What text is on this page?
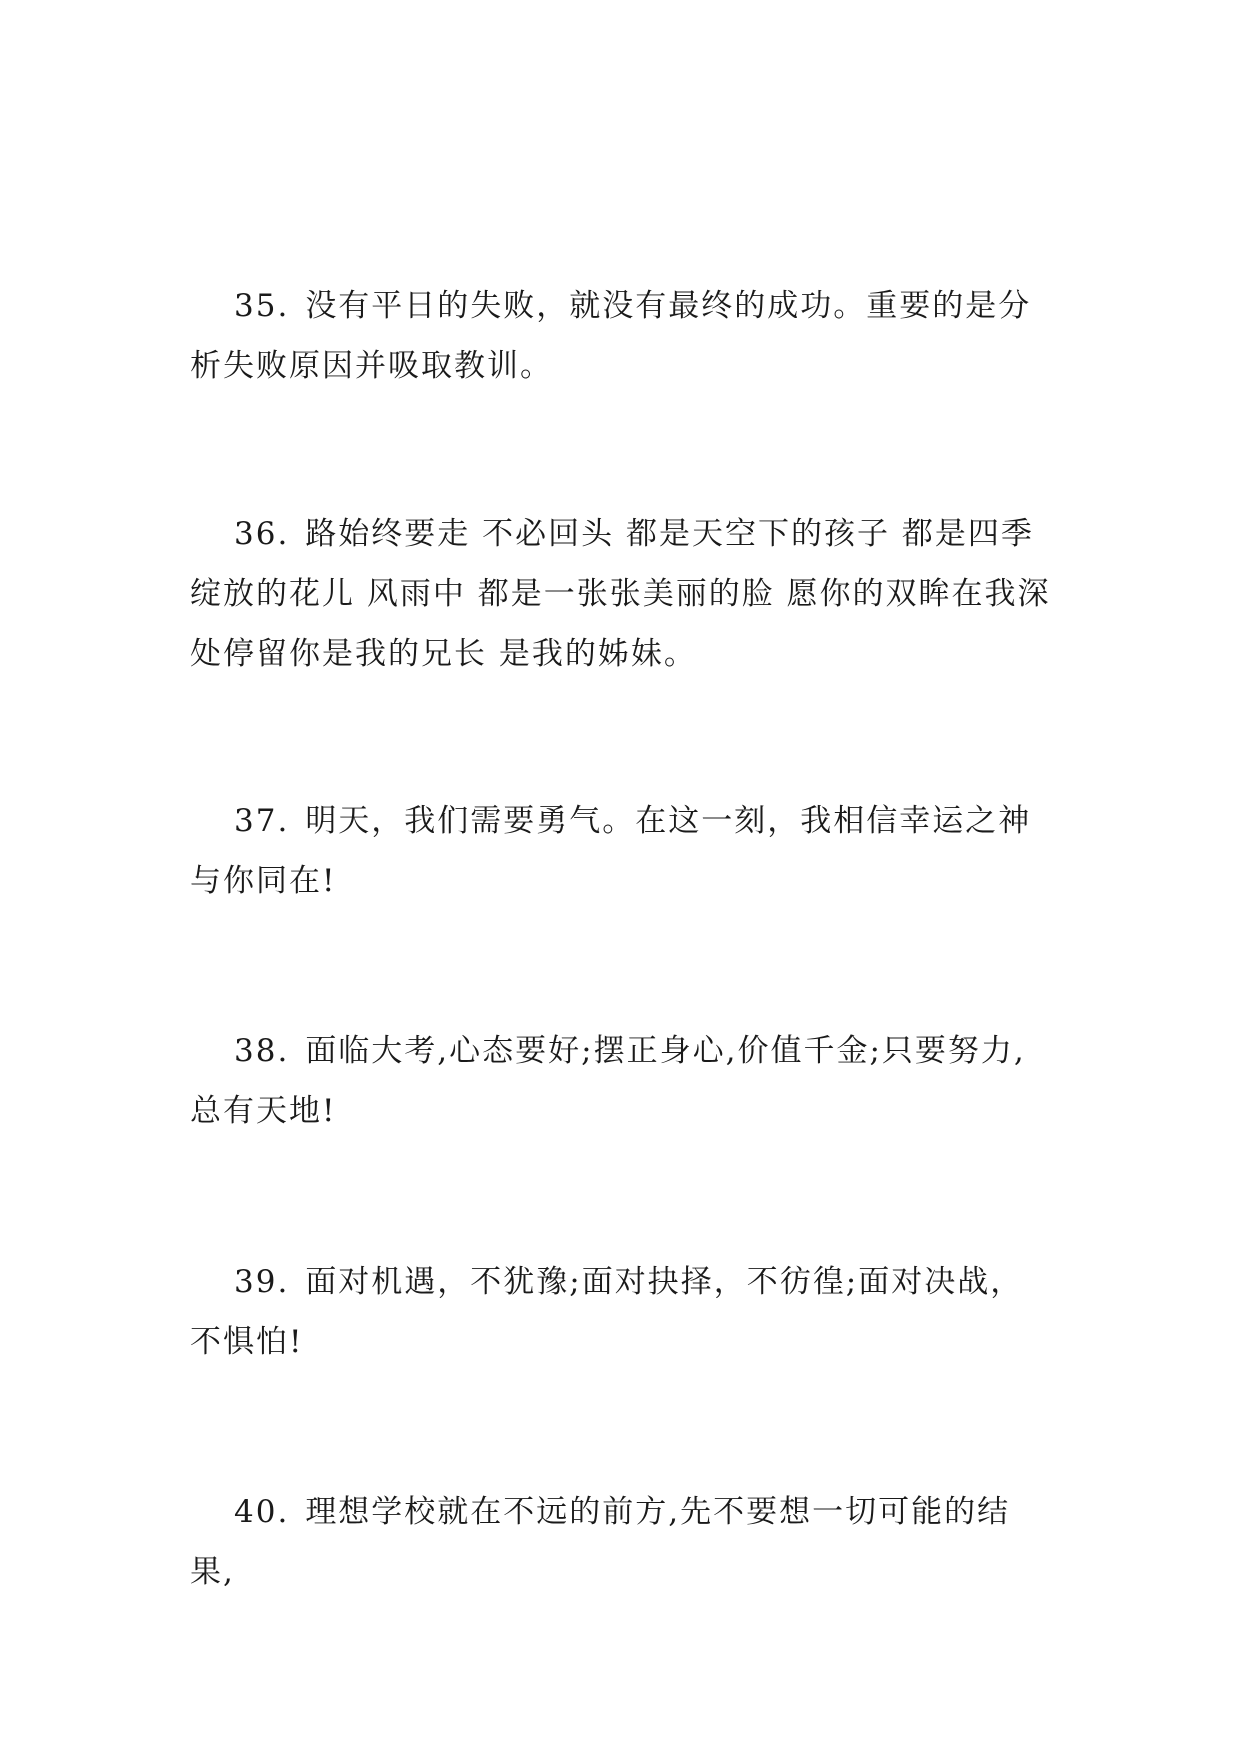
35. 没有平日的失败，就没有最终的成功。重要的是分析失败原因并吸取教训。

36. 路始终要走 不必回头 都是天空下的孩子 都是四季绽放的花儿 风雨中 都是一张张美丽的脸 愿你的双眸在我深处停留你是我的兄长 是我的姊妹。

37. 明天，我们需要勇气。在这一刻，我相信幸运之神与你同在!

38. 面临大考,心态要好;摆正身心,价值千金;只要努力,总有天地!

39. 面对机遇，不犹豫;面对抉择，不彷徨;面对决战，不惧怕!

40. 理想学校就在不远的前方,先不要想一切可能的结果,
